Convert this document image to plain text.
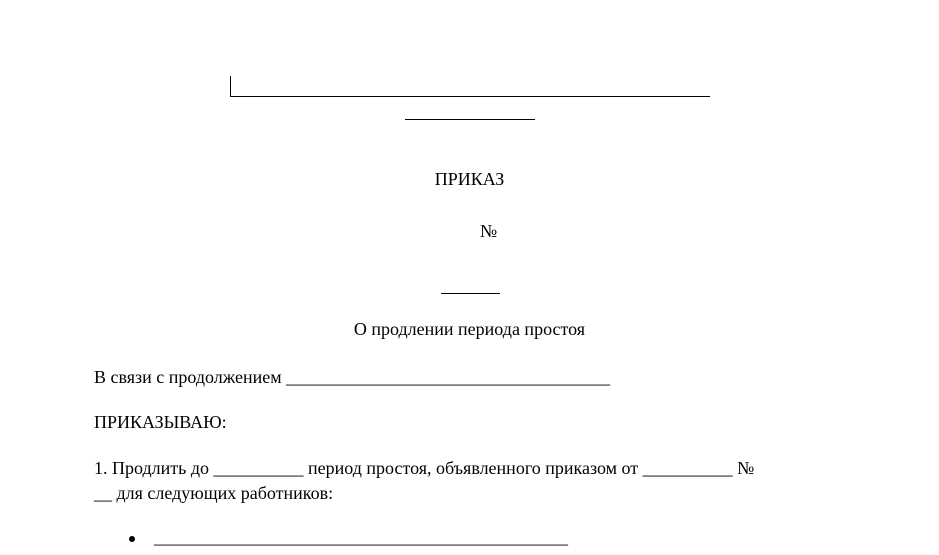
ПРИКАЗ
№
О продлении периода простоя
В связи с продолжением ____________________________________
ПРИКАЗЫВАЮ:
1. Продлить до __________ период простоя, объявленного приказом от __________ №
__ для следующих работников:
______________________________________________
